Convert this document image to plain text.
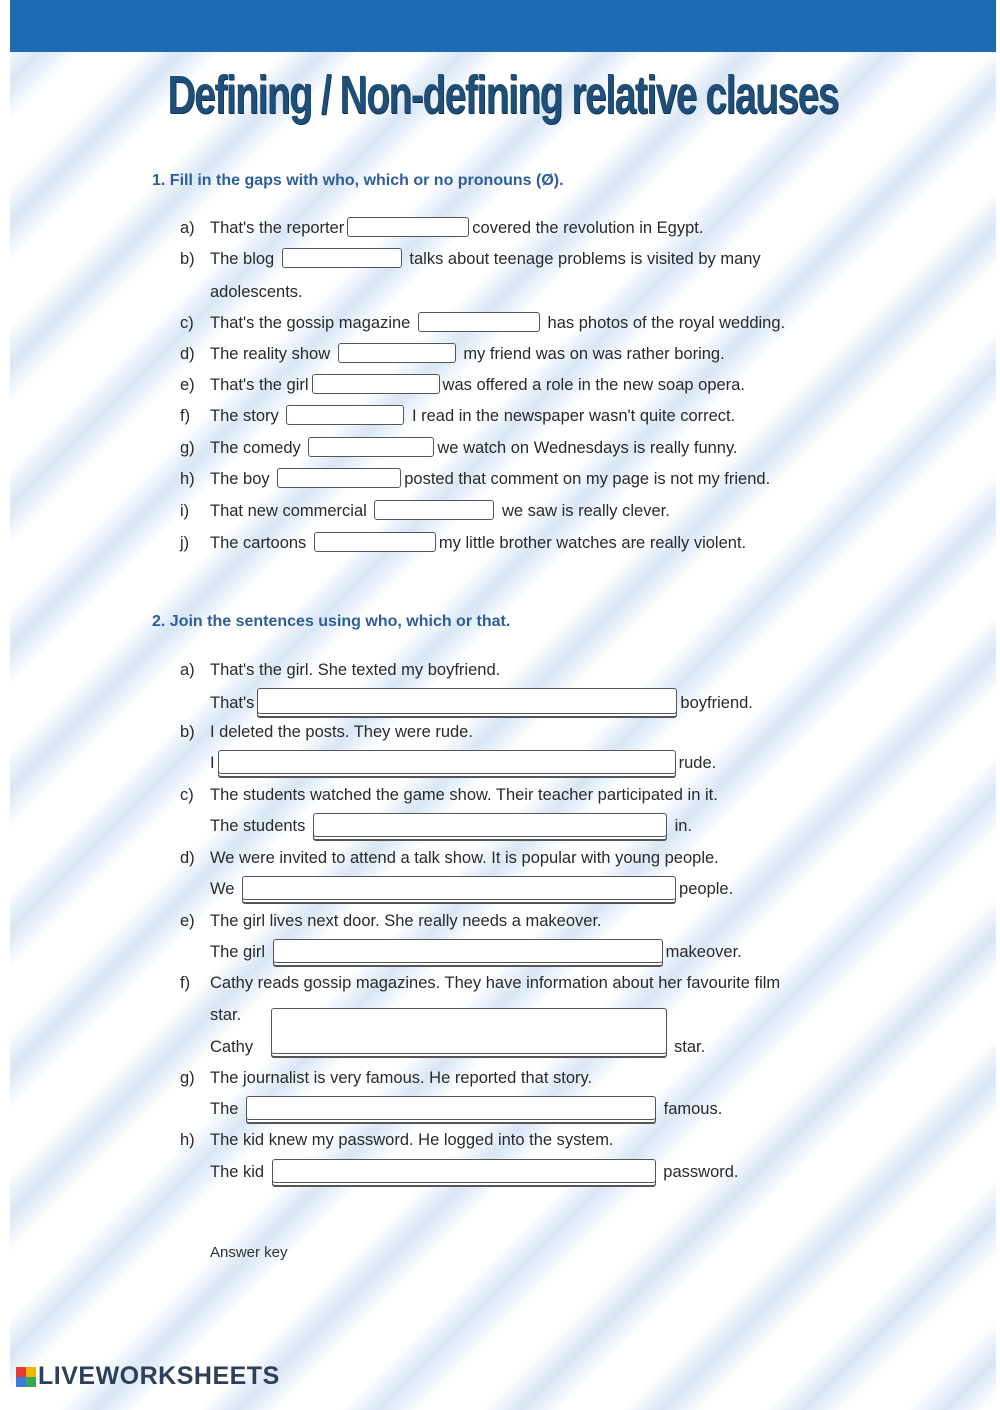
Defining / Non-defining relative clauses
1. Fill in the gaps with who, which or no pronouns (Ø).
a) That's the reporter	covered the revolution in Egypt.
b) The blog	talks about teenage problems is visited by many
adolescents.
c) That's the gossip magazine	has photos of the royal wedding.
d) The reality show	my friend was on was rather boring.
e) That's the girl	was offered a role in the new soap opera.
f) The story	I read in the newspaper wasn't quite correct.
g) The comedy	we watch on Wednesdays is really funny.
h) The boy	posted that comment on my page is not my friend.
i) That new commercial	we saw is really clever.
j) The cartoons	my little brother watches are really violent.
2. Join the sentences using who, which or that.
a) That's the girl. She texted my boyfriend.
That's	boyfriend.
b) I deleted the posts. They were rude.
I	rude.
c) The students watched the game show. Their teacher participated in it.
The students	in.
d) We were invited to attend a talk show. It is popular with young people.
We	people.
e) The girl lives next door. She really needs a makeover.
The girl	makeover.
f) Cathy reads gossip magazines. They have information about her favourite film
star.
Cathy	star.
g) The journalist is very famous. He reported that story.
The	famous.
h) The kid knew my password. He logged into the system.
The kid	password.
Answer key
LIVEWORKSHEETS
